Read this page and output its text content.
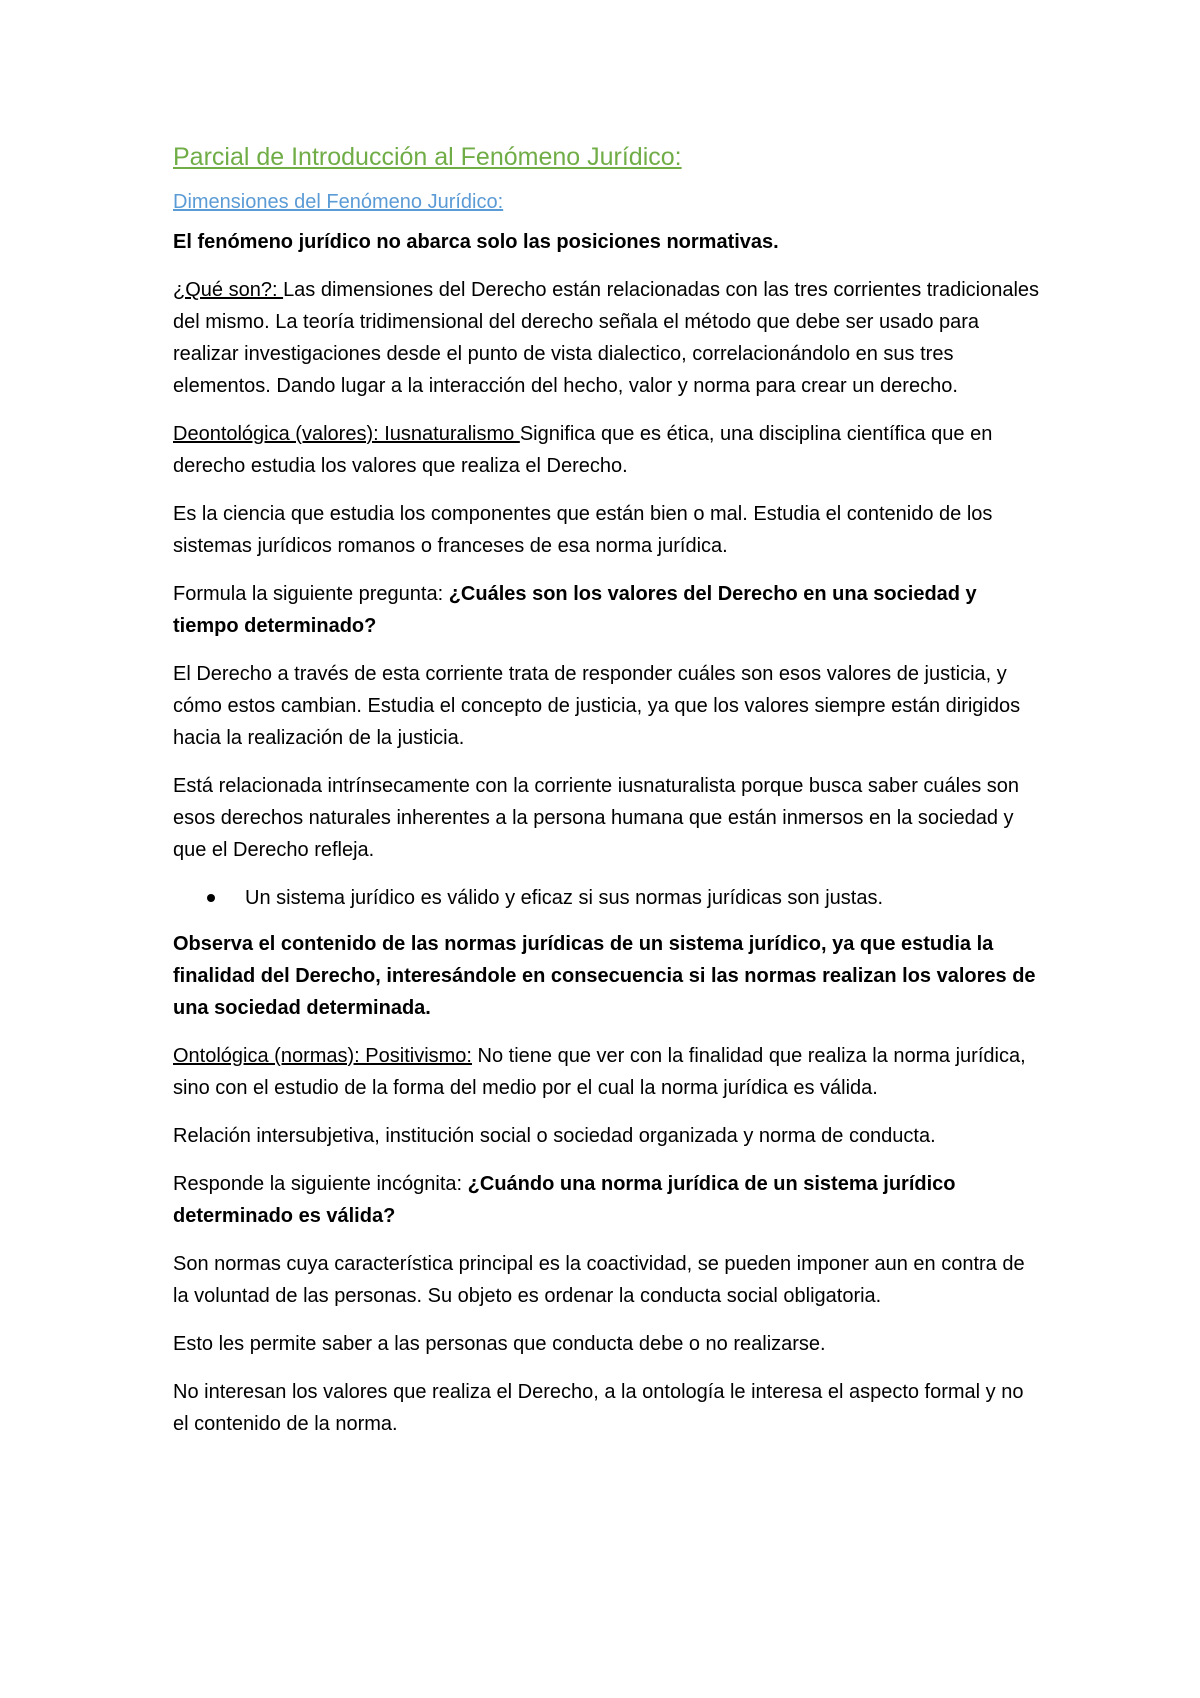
Parcial de Introducción al Fenómeno Jurídico:
Dimensiones del Fenómeno Jurídico:

El fenómeno jurídico no abarca solo las posiciones normativas.

¿Qué son?: Las dimensiones del Derecho están relacionadas con las tres corrientes tradicionales del mismo. La teoría tridimensional del derecho señala el método que debe ser usado para realizar investigaciones desde el punto de vista dialectico, correlacionándolo en sus tres elementos. Dando lugar a la interacción del hecho, valor y norma para crear un derecho.

Deontológica (valores): Iusnaturalismo Significa que es ética, una disciplina científica que en derecho estudia los valores que realiza el Derecho.

Es la ciencia que estudia los componentes que están bien o mal. Estudia el contenido de los sistemas jurídicos romanos o franceses de esa norma jurídica.

Formula la siguiente pregunta: ¿Cuáles son los valores del Derecho en una sociedad y tiempo determinado?

El Derecho a través de esta corriente trata de responder cuáles son esos valores de justicia, y cómo estos cambian. Estudia el concepto de justicia, ya que los valores siempre están dirigidos hacia la realización de la justicia.

Está relacionada intrínsecamente con la corriente iusnaturalista porque busca saber cuáles son esos derechos naturales inherentes a la persona humana que están inmersos en la sociedad y que el Derecho refleja.

Un sistema jurídico es válido y eficaz si sus normas jurídicas son justas.

Observa el contenido de las normas jurídicas de un sistema jurídico, ya que estudia la finalidad del Derecho, interesándole en consecuencia si las normas realizan los valores de una sociedad determinada.

Ontológica (normas): Positivismo: No tiene que ver con la finalidad que realiza la norma jurídica, sino con el estudio de la forma del medio por el cual la norma jurídica es válida.

Relación intersubjetiva, institución social o sociedad organizada y norma de conducta.

Responde la siguiente incógnita: ¿Cuándo una norma jurídica de un sistema jurídico determinado es válida?

Son normas cuya característica principal es la coactividad, se pueden imponer aun en contra de la voluntad de las personas. Su objeto es ordenar la conducta social obligatoria.

Esto les permite saber a las personas que conducta debe o no realizarse.

No interesan los valores que realiza el Derecho, a la ontología le interesa el aspecto formal y no el contenido de la norma.
